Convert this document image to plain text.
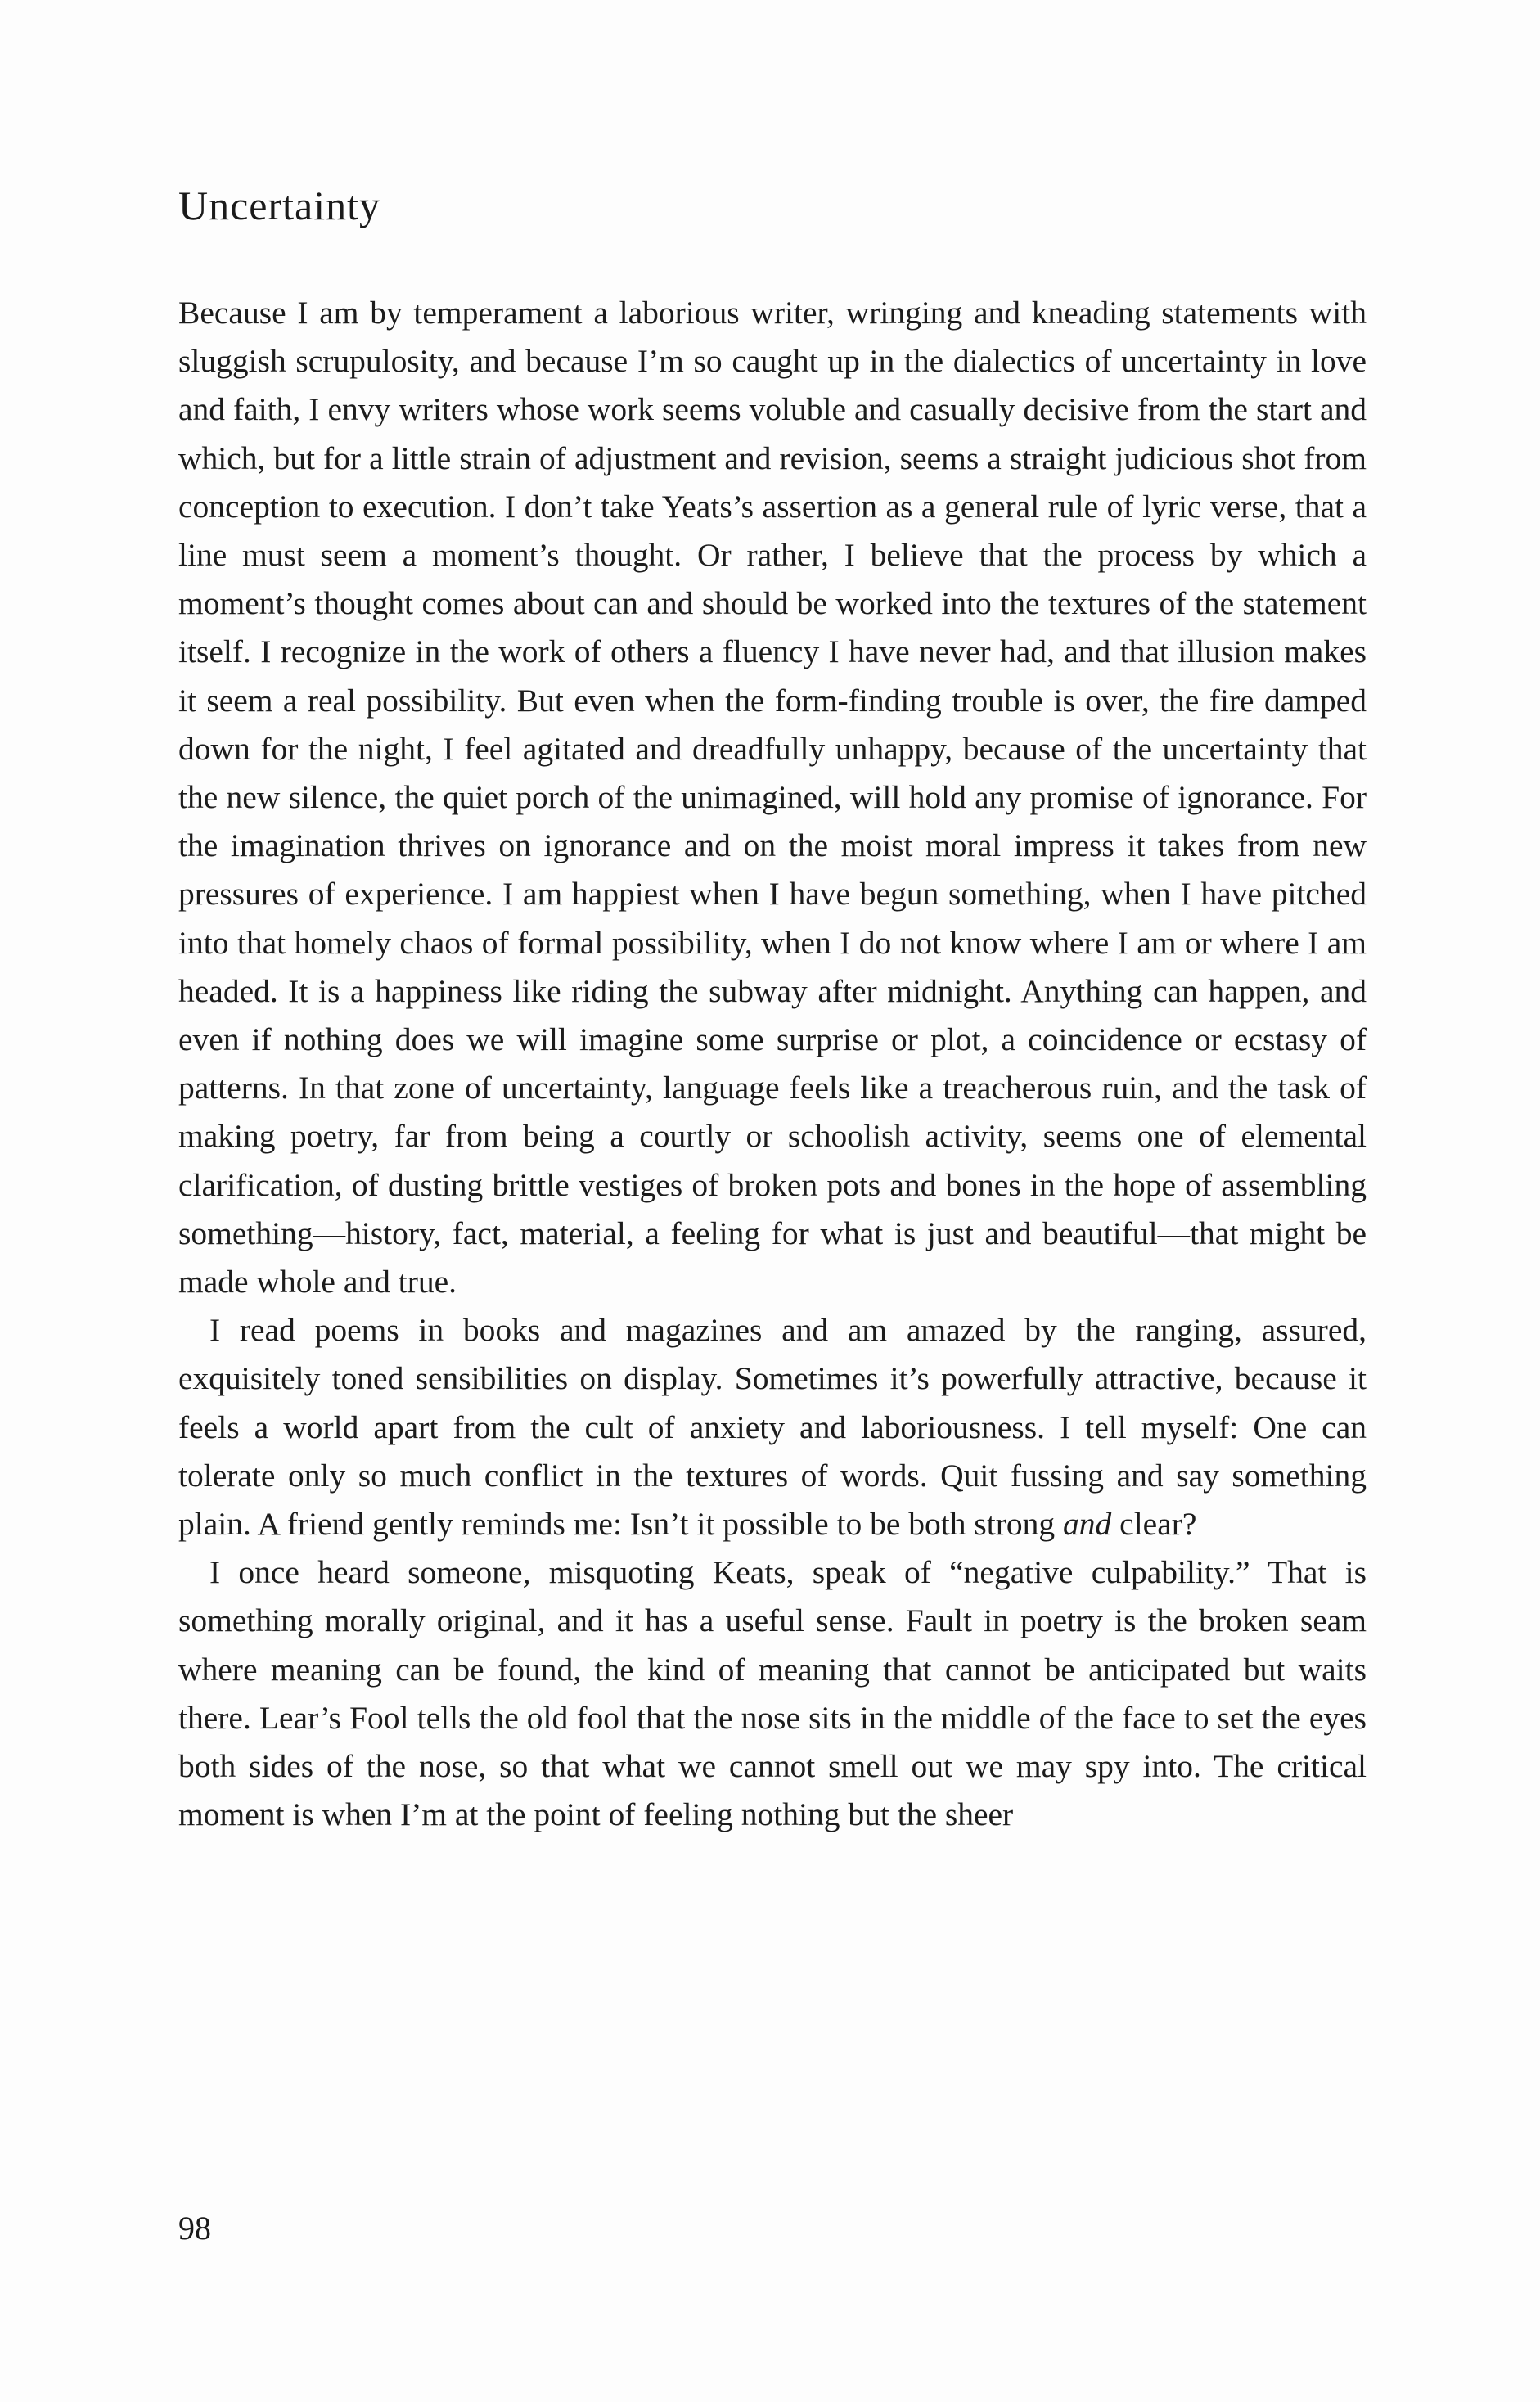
Uncertainty

Because I am by temperament a laborious writer, wringing and kneading statements with sluggish scrupulosity, and because I’m so caught up in the dialectics of uncertainty in love and faith, I envy writers whose work seems voluble and casually decisive from the start and which, but for a little strain of adjustment and revision, seems a straight judicious shot from conception to execution. I don’t take Yeats’s assertion as a general rule of lyric verse, that a line must seem a moment’s thought. Or rather, I believe that the process by which a moment’s thought comes about can and should be worked into the textures of the statement itself. I recognize in the work of others a fluency I have never had, and that illusion makes it seem a real possibility. But even when the form-finding trouble is over, the fire damped down for the night, I feel agitated and dreadfully unhappy, because of the uncertainty that the new silence, the quiet porch of the unimagined, will hold any promise of ignorance. For the imagination thrives on ignorance and on the moist moral impress it takes from new pressures of experience. I am happiest when I have begun something, when I have pitched into that homely chaos of formal possibility, when I do not know where I am or where I am headed. It is a happiness like riding the subway after midnight. Anything can happen, and even if nothing does we will imagine some surprise or plot, a coincidence or ecstasy of patterns. In that zone of uncertainty, language feels like a treacherous ruin, and the task of making poetry, far from being a courtly or schoolish activity, seems one of elemental clarification, of dusting brittle vestiges of broken pots and bones in the hope of assembling something—history, fact, material, a feeling for what is just and beautiful—that might be made whole and true.

I read poems in books and magazines and am amazed by the ranging, assured, exquisitely toned sensibilities on display. Sometimes it’s powerfully attractive, because it feels a world apart from the cult of anxiety and laboriousness. I tell myself: One can tolerate only so much conflict in the textures of words. Quit fussing and say something plain. A friend gently reminds me: Isn’t it possible to be both strong and clear?

I once heard someone, misquoting Keats, speak of “negative culpability.” That is something morally original, and it has a useful sense. Fault in poetry is the broken seam where meaning can be found, the kind of meaning that cannot be anticipated but waits there. Lear’s Fool tells the old fool that the nose sits in the middle of the face to set the eyes both sides of the nose, so that what we cannot smell out we may spy into. The critical moment is when I’m at the point of feeling nothing but the sheer

98
